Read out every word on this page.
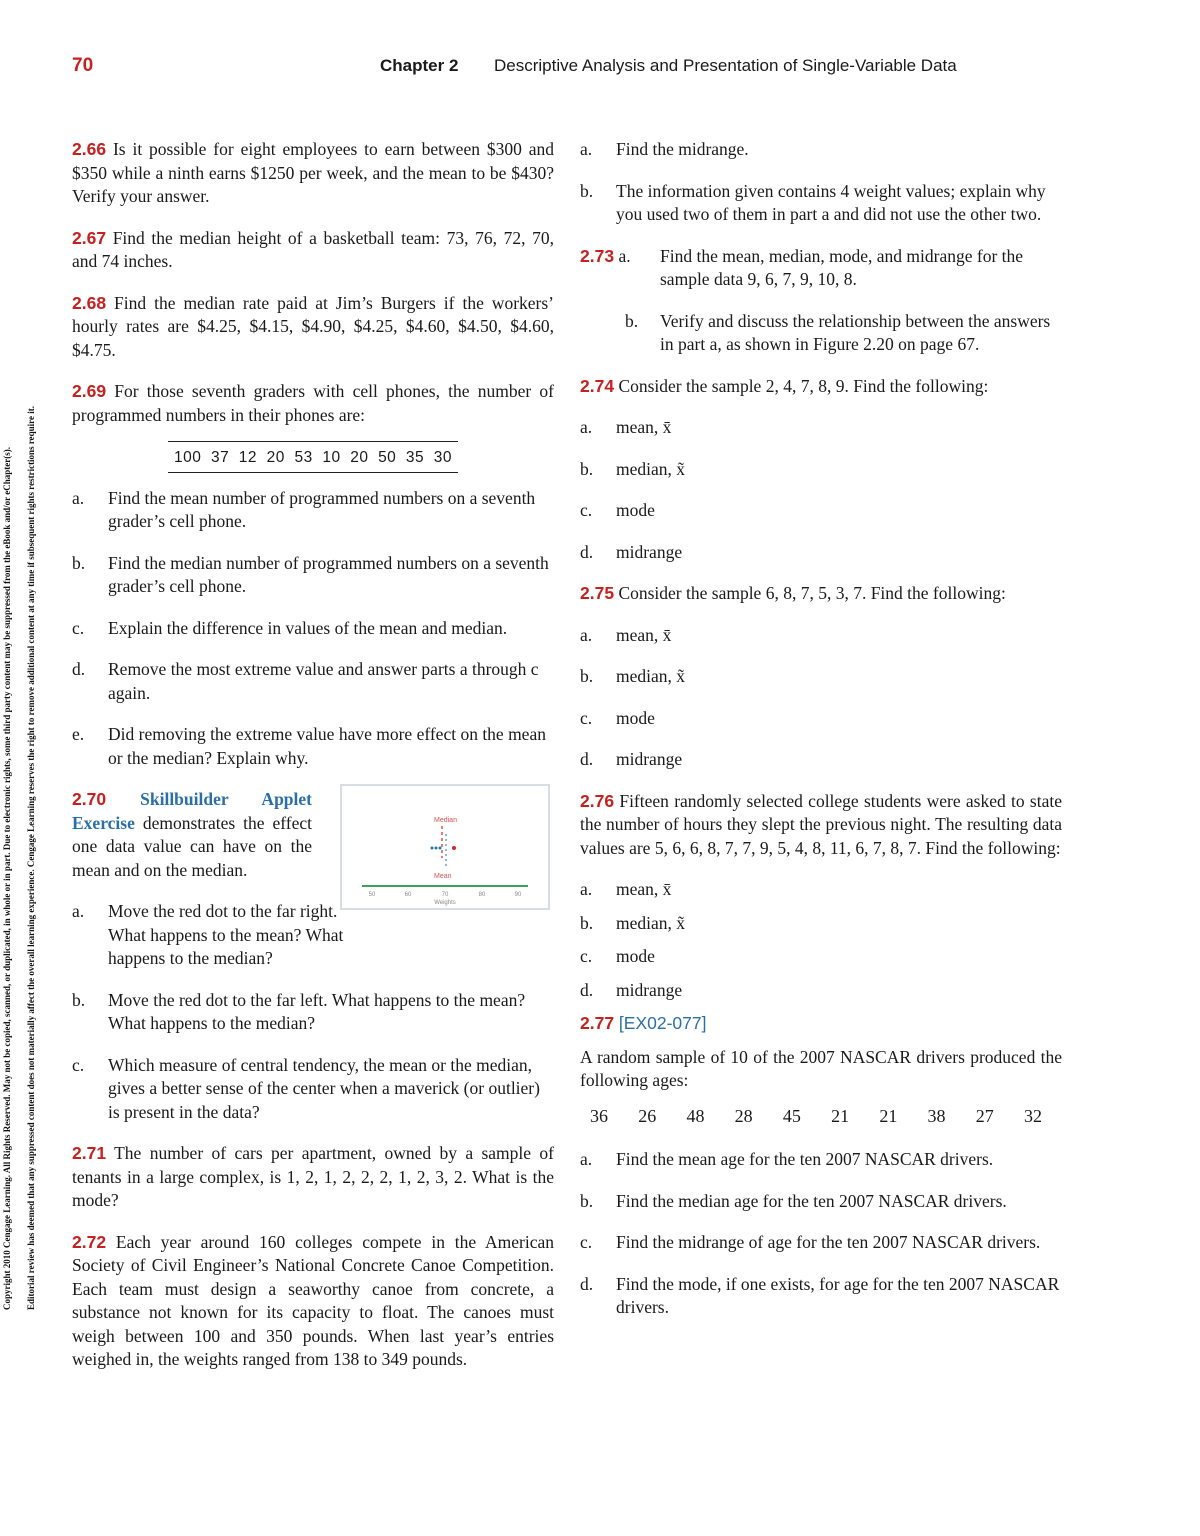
70	Chapter 2 Descriptive Analysis and Presentation of Single-Variable Data
Copyright 2010 Cengage Learning. All Rights Reserved. May not be copied, scanned, or duplicated, in whole or in part. Due to electronic rights, some third party content may be suppressed from the eBook and/or eChapter(s). Editorial review has deemed that any suppressed content does not materially affect the overall learning experience. Cengage Learning reserves the right to remove additional content at any time if subsequent rights restrictions require it.

2.66 Is it possible for eight employees to earn between $300 and $350 while a ninth earns $1250 per week, and the mean to be $430? Verify your answer.

2.67 Find the median height of a basketball team: 73, 76, 72, 70, and 74 inches.

2.68 Find the median rate paid at Jim’s Burgers if the workers’ hourly rates are $4.25, $4.15, $4.90, $4.25, $4.60, $4.50, $4.60, $4.75.

2.69 For those seventh graders with cell phones, the number of programmed numbers in their phones are:

100  37  12  20  53  10  20  50  35  30
a. Find the mean number of programmed numbers on a seventh grader’s cell phone.
b. Find the median number of programmed numbers on a seventh grader’s cell phone.
c. Explain the difference in values of the mean and median.
d. Remove the most extreme value and answer parts a through c again.
e. Did removing the extreme value have more effect on the mean or the median? Explain why.

2.70 Skillbuilder Applet Exercise demonstrates the effect one data value can have on the mean and on the median.

Median
Mean
50	60	70	80	90
Weights
a. Move the red dot to the far right. What happens to the mean? What happens to the median?
b. Move the red dot to the far left. What happens to the mean? What happens to the median?
c. Which measure of central tendency, the mean or the median, gives a better sense of the center when a maverick (or outlier) is present in the data?

2.71 The number of cars per apartment, owned by a sample of tenants in a large complex, is 1, 2, 1, 2, 2, 2, 1, 2, 3, 2. What is the mode?

2.72 Each year around 160 colleges compete in the American Society of Civil Engineer’s National Concrete Canoe Competition. Each team must design a seaworthy canoe from concrete, a substance not known for its capacity to float. The canoes must weigh between 100 and 350 pounds. When last year’s entries weighed in, the weights ranged from 138 to 349 pounds.

a. Find the midrange.
b. The information given contains 4 weight values; explain why you used two of them in part a and did not use the other two.
2.73 a. Find the mean, median, mode, and midrange for the sample data 9, 6, 7, 9, 10, 8.
b. Verify and discuss the relationship between the answers in part a, as shown in Figure 2.20 on page 67.

2.74 Consider the sample 2, 4, 7, 8, 9. Find the following:

a. mean, x̄
b. median, x̃
c. mode
d. midrange

2.75 Consider the sample 6, 8, 7, 5, 3, 7. Find the following:

a. mean, x̄
b. median, x̃
c. mode
d. midrange

2.76 Fifteen randomly selected college students were asked to state the number of hours they slept the previous night. The resulting data values are 5, 6, 6, 8, 7, 7, 9, 5, 4, 8, 11, 6, 7, 8, 7. Find the following:

a. mean, x̄
b. median, x̃
c. mode
d. midrange

2.77 [EX02-077]

A random sample of 10 of the 2007 NASCAR drivers produced the following ages:

36 26 48 28 45 21 21 38 27 32
a. Find the mean age for the ten 2007 NASCAR drivers.
b. Find the median age for the ten 2007 NASCAR drivers.
c. Find the midrange of age for the ten 2007 NASCAR drivers.
d. Find the mode, if one exists, for age for the ten 2007 NASCAR drivers.
